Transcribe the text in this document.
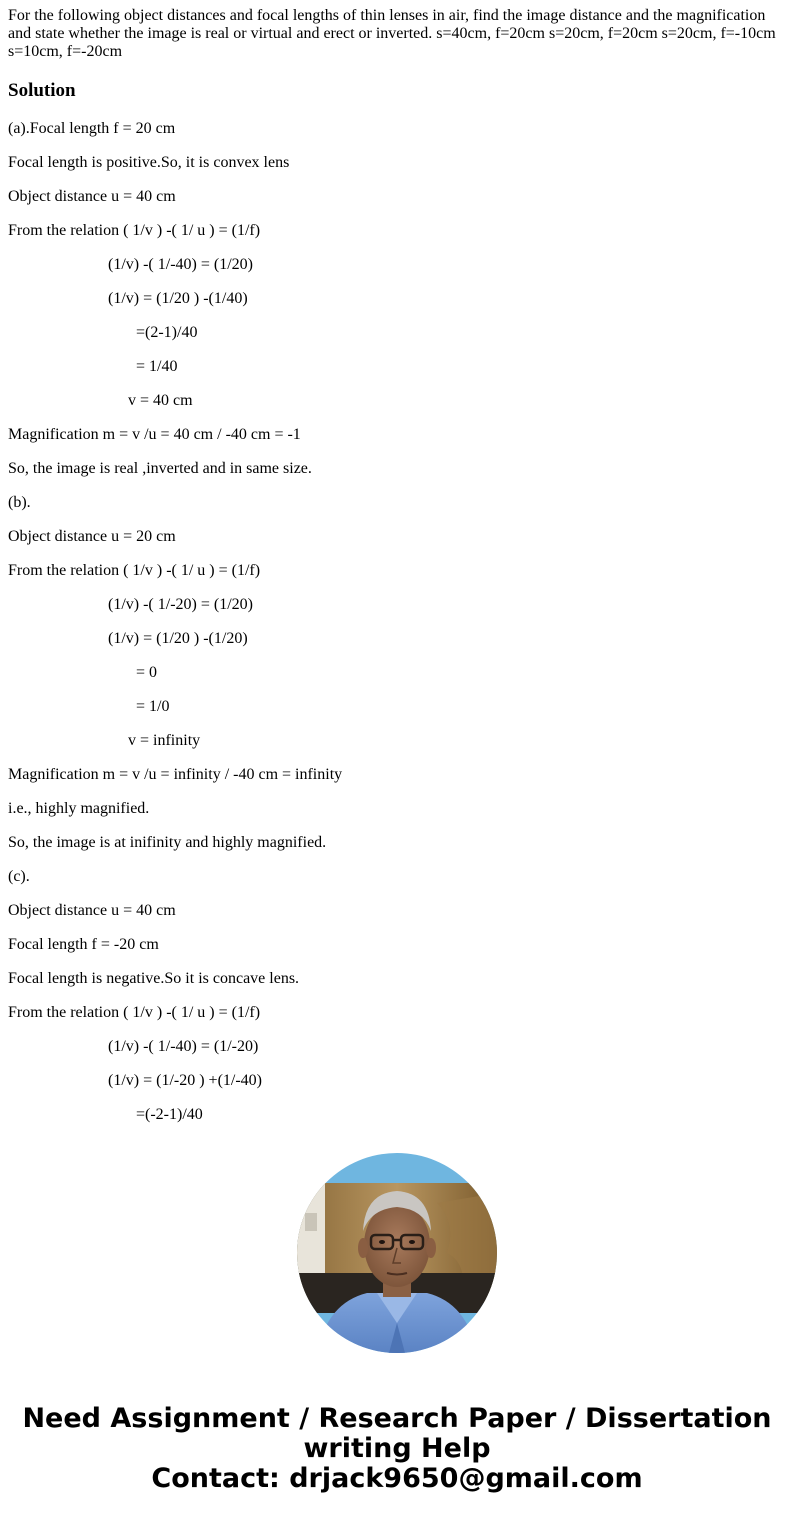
For the following object distances and focal lengths of thin lenses in air, find the image distance and the magnification and state whether the image is real or virtual and erect or inverted. s=40cm, f=20cm s=20cm, f=20cm s=20cm, f=-10cm s=10cm, f=-20cm

Solution
(a).Focal length f = 20 cm
Focal length is positive.So, it is convex lens
Object distance u = 40 cm
From the relation ( 1/v ) -( 1/ u ) = (1/f)
(1/v) -( 1/-40) = (1/20)
(1/v) = (1/20 ) -(1/40)
=(2-1)/40
= 1/40
v = 40 cm
Magnification m = v /u = 40 cm / -40 cm = -1
So, the image is real ,inverted and in same size.
(b).
Object distance u = 20 cm
From the relation ( 1/v ) -( 1/ u ) = (1/f)
(1/v) -( 1/-20) = (1/20)
(1/v) = (1/20 ) -(1/20)
= 0
= 1/0
v = infinity
Magnification m = v /u = infinity / -40 cm = infinity
i.e., highly magnified.
So, the image is at inifinity and highly magnified.
(c).
Object distance u = 40 cm
Focal length f = -20 cm
Focal length is negative.So it is concave lens.
From the relation ( 1/v ) -( 1/ u ) = (1/f)
(1/v) -( 1/-40) = (1/-20)
(1/v) = (1/-20 ) +(1/-40)
=(-2-1)/40
Need Assignment / Research Paper / Dissertation
writing Help
Contact: drjack9650@gmail.com
